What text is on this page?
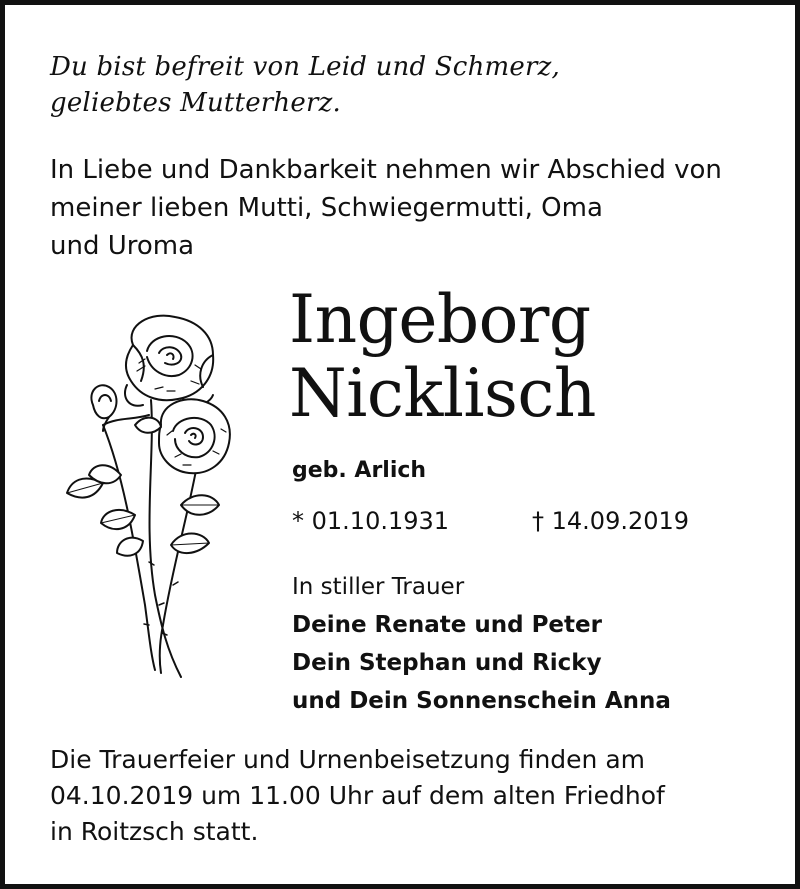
Du bist befreit von Leid und Schmerz,
geliebtes Mutterherz.
In Liebe und Dankbarkeit nehmen wir Abschied von
meiner lieben Mutti, Schwiegermutti, Oma
und Uroma
Ingeborg
Nicklisch
geb. Arlich
* 01.10.1931	† 14.09.2019
In stiller Trauer
Deine Renate und Peter
Dein Stephan und Ricky
und Dein Sonnenschein Anna
Die Trauerfeier und Urnenbeisetzung finden am
04.10.2019 um 11.00 Uhr auf dem alten Friedhof
in Roitzsch statt.
